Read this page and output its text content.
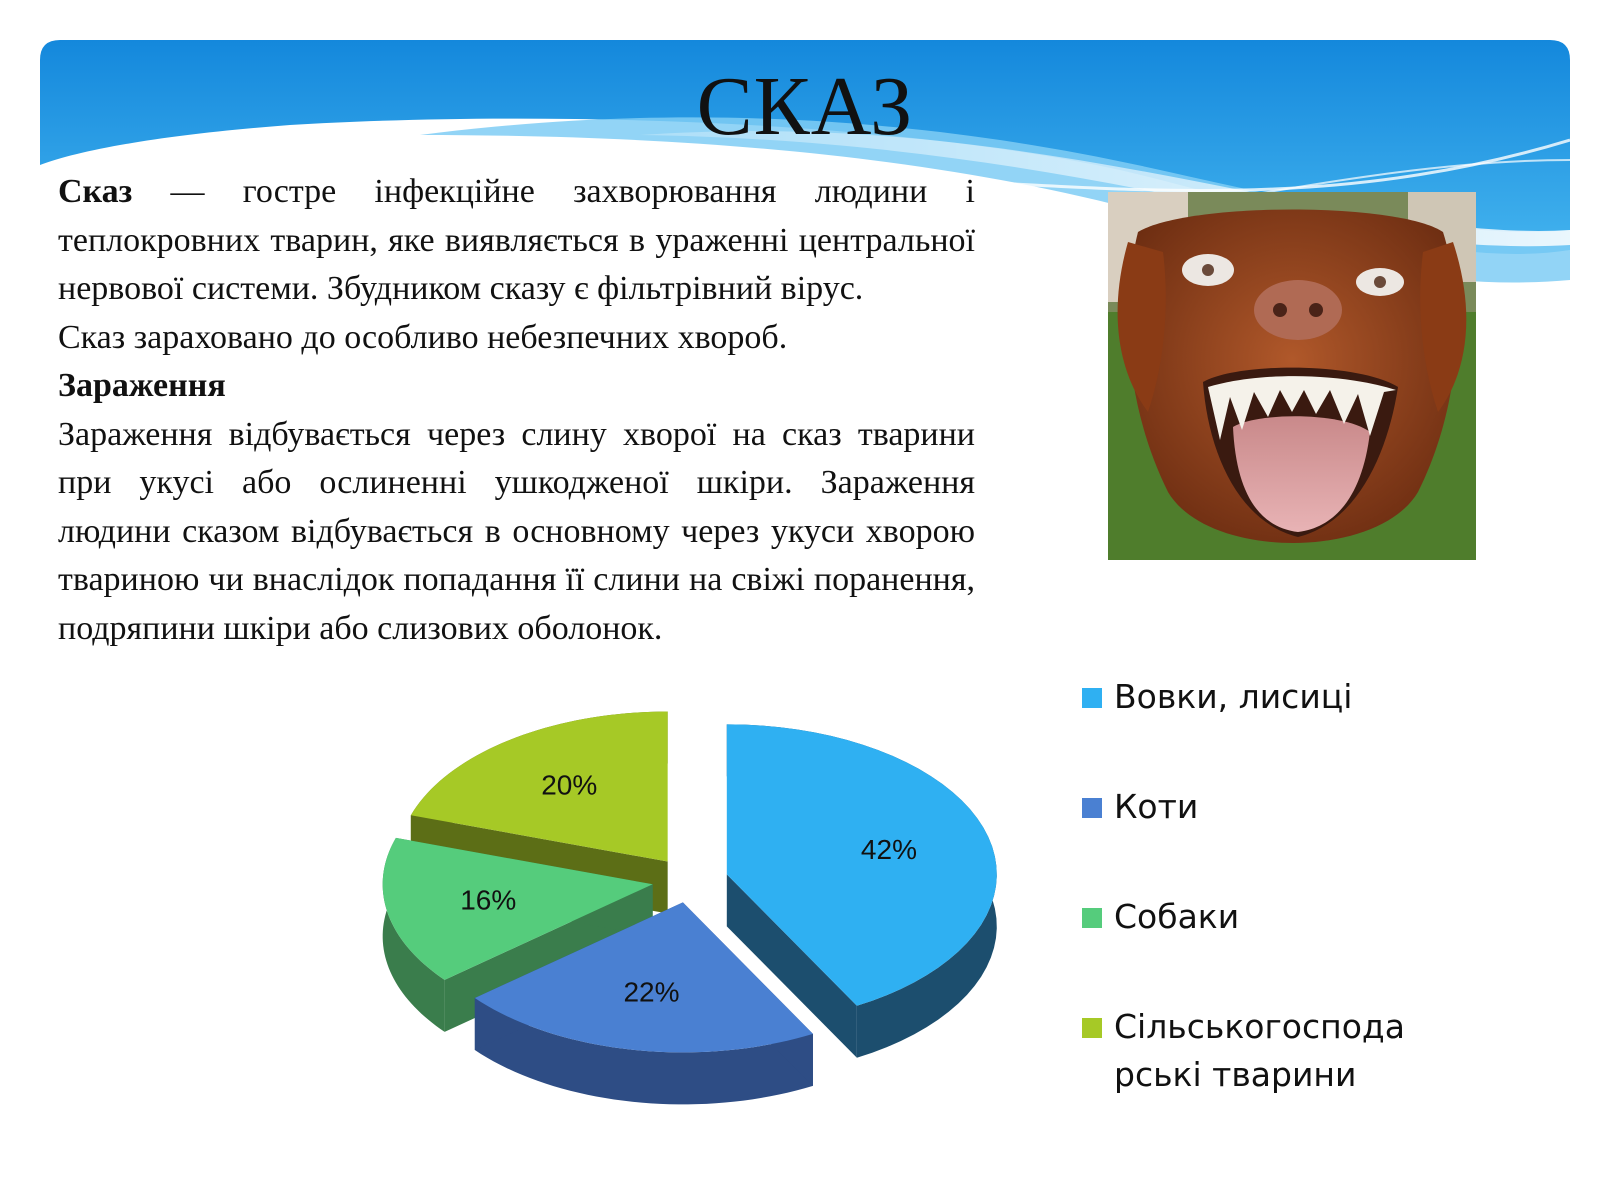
СКАЗ

Сказ — гостре інфекційне захворювання людини і теплокровних тварин, яке виявляється в ураженні центральної нервової системи. Збудником сказу є фільтрівний вірус.

Сказ зараховано до особливо небезпечних хвороб.

Зараження

Зараження відбувається через слину хворої на сказ тварини при укусі або ослиненні ушкодженої шкіри. Зараження людини сказом відбувається в основному через укуси хворою твариною чи внаслідок попадання її слини на свіжі поранення, подряпини шкіри або слизових оболонок.

42%
22%
16%
20%
Вовки, лисиці
Коти
Собаки
Сільськогоспода
рські тварини
